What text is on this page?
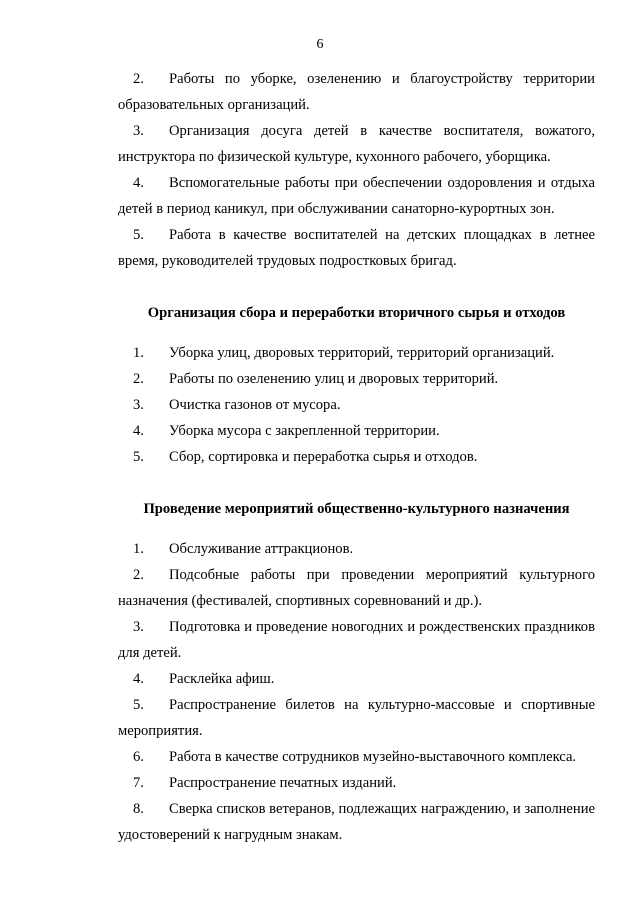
6

2. Работы по уборке, озеленению и благоустройству территории образовательных организаций.

3. Организация досуга детей в качестве воспитателя, вожатого, инструктора по физической культуре, кухонного рабочего, уборщика.

4. Вспомогательные работы при обеспечении оздоровления и отдыха детей в период каникул, при обслуживании санаторно-курортных зон.

5. Работа в качестве воспитателей на детских площадках в летнее время, руководителей трудовых подростковых бригад.

Организация сбора и переработки вторичного сырья и отходов

1. Уборка улиц, дворовых территорий, территорий организаций.

2. Работы по озеленению улиц и дворовых территорий.

3. Очистка газонов от мусора.

4. Уборка мусора с закрепленной территории.

5. Сбор, сортировка и переработка сырья и отходов.

Проведение мероприятий общественно-культурного назначения

1. Обслуживание аттракционов.

2. Подсобные работы при проведении мероприятий культурного назначения (фестивалей, спортивных соревнований и др.).

3. Подготовка и проведение новогодних и рождественских праздников для детей.

4. Расклейка афиш.

5. Распространение билетов на культурно-массовые и спортивные мероприятия.

6. Работа в качестве сотрудников музейно-выставочного комплекса.

7. Распространение печатных изданий.

8. Сверка списков ветеранов, подлежащих награждению, и заполнение удостоверений к нагрудным знакам.
